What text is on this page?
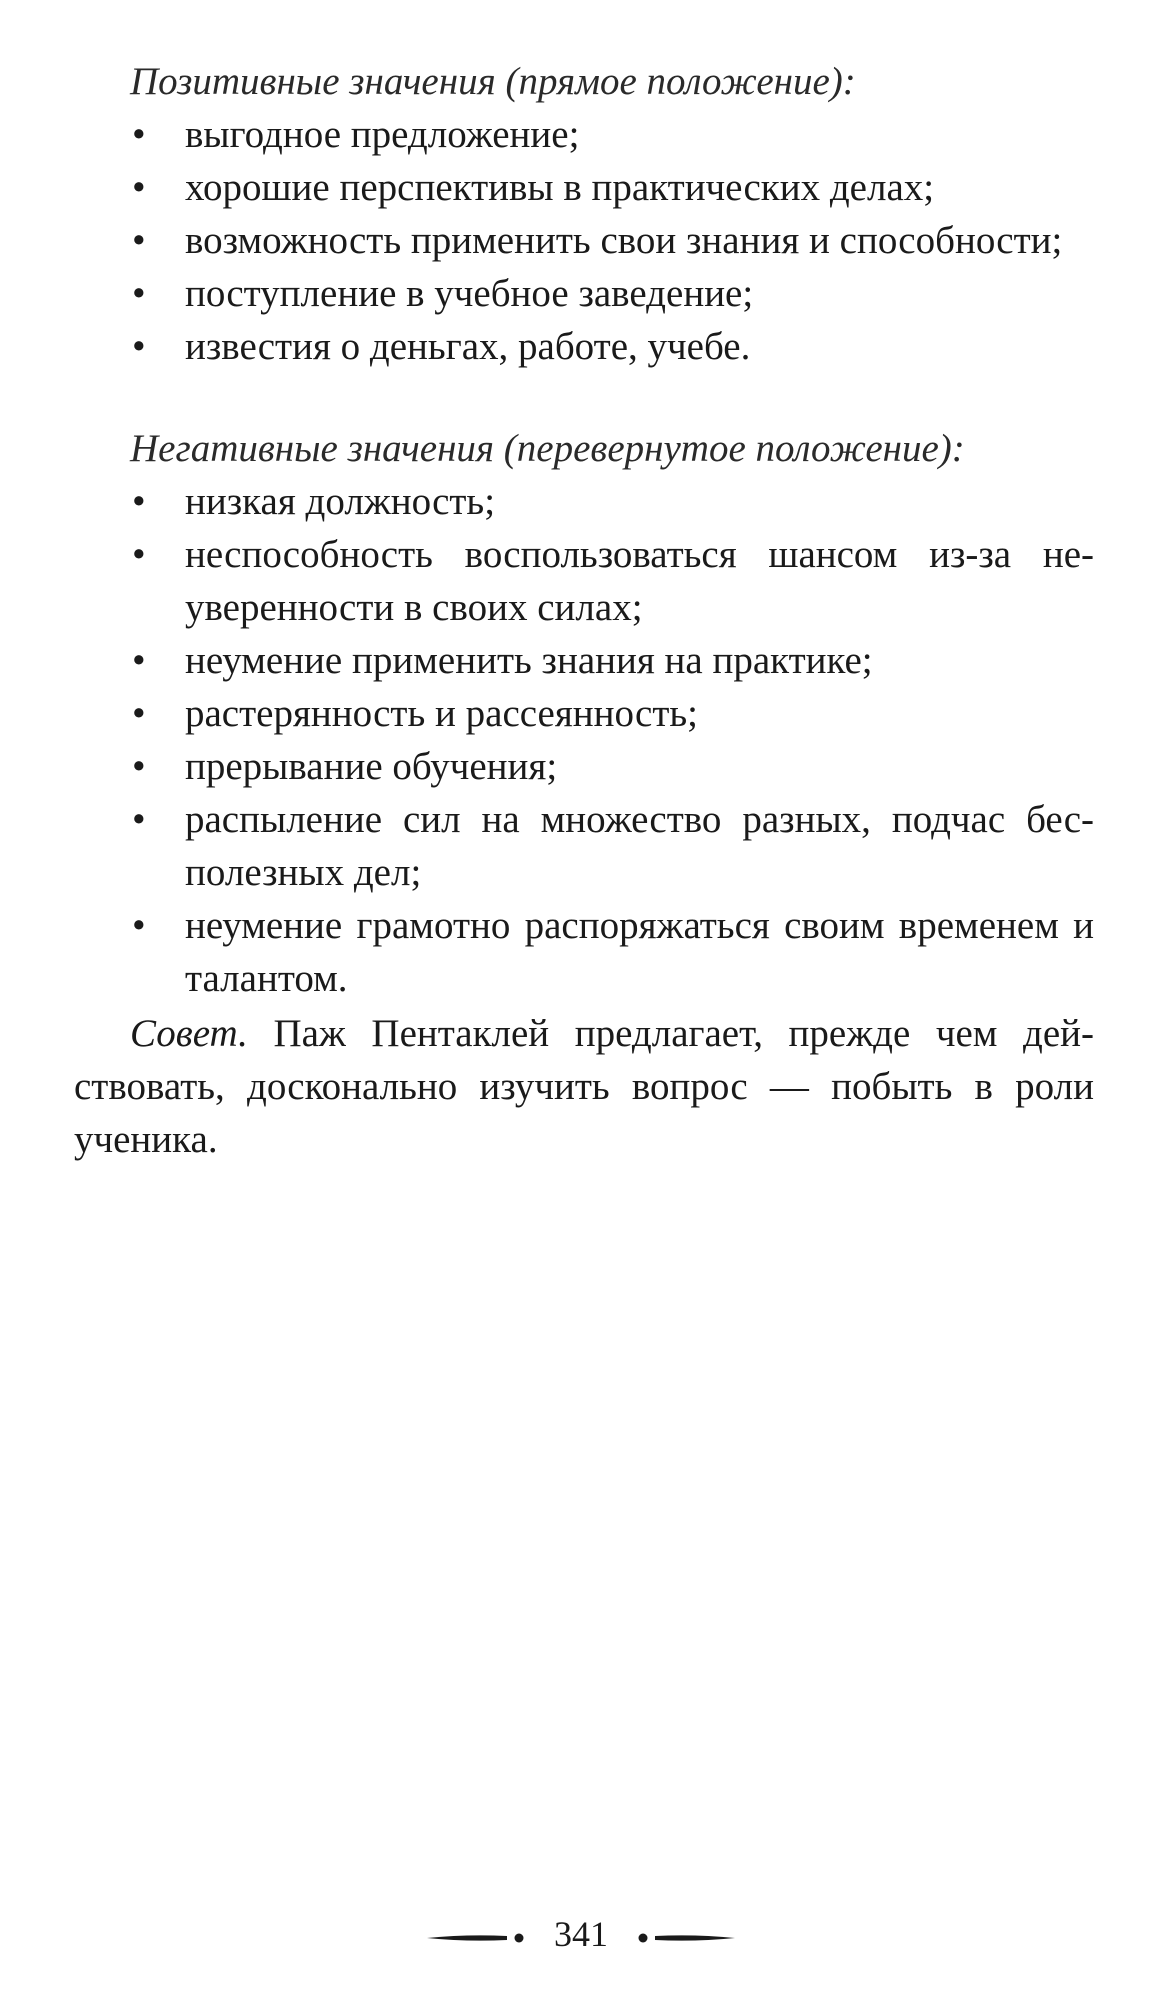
Позитивные значения (прямое положение):

• выгодное предложение;
• хорошие перспективы в практических делах;
• возможность применить свои знания и способности;
• поступление в учебное заведение;
• известия о деньгах, работе, учебе.

Негативные значения (перевернутое положение):

• низкая должность;
• неспособность воспользоваться шансом из-за не-уверенности в своих силах;
• неумение применить знания на практике;
• растерянность и рассеянность;
• прерывание обучения;
• распыление сил на множество разных, подчас бес-полезных дел;
• неумение грамотно распоряжаться своим временем и талантом.

Совет. Паж Пентаклей предлагает, прежде чем дей-ствовать, досконально изучить вопрос — побыть в роли ученика.

341
